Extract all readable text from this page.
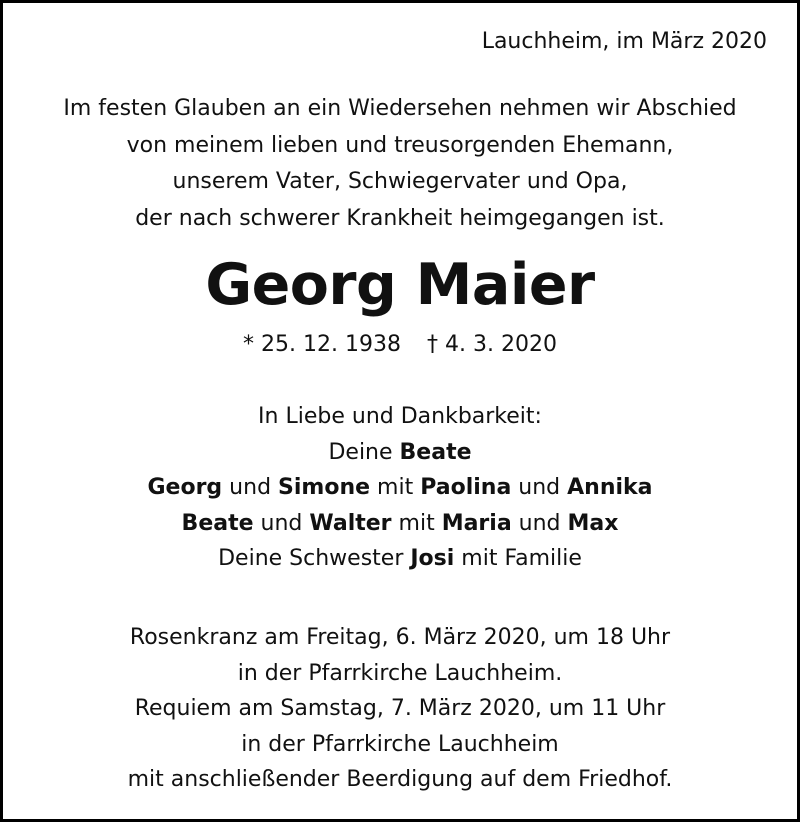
Lauchheim, im März 2020
Im festen Glauben an ein Wiedersehen nehmen wir Abschied
von meinem lieben und treusorgenden Ehemann,
unserem Vater, Schwiegervater und Opa,
der nach schwerer Krankheit heimgegangen ist.
Georg Maier
* 25. 12. 1938 † 4. 3. 2020
In Liebe und Dankbarkeit:
Deine Beate
Georg und Simone mit Paolina und Annika
Beate und Walter mit Maria und Max
Deine Schwester Josi mit Familie
Rosenkranz am Freitag, 6. März 2020, um 18 Uhr
in der Pfarrkirche Lauchheim.
Requiem am Samstag, 7. März 2020, um 11 Uhr
in der Pfarrkirche Lauchheim
mit anschließender Beerdigung auf dem Friedhof.
